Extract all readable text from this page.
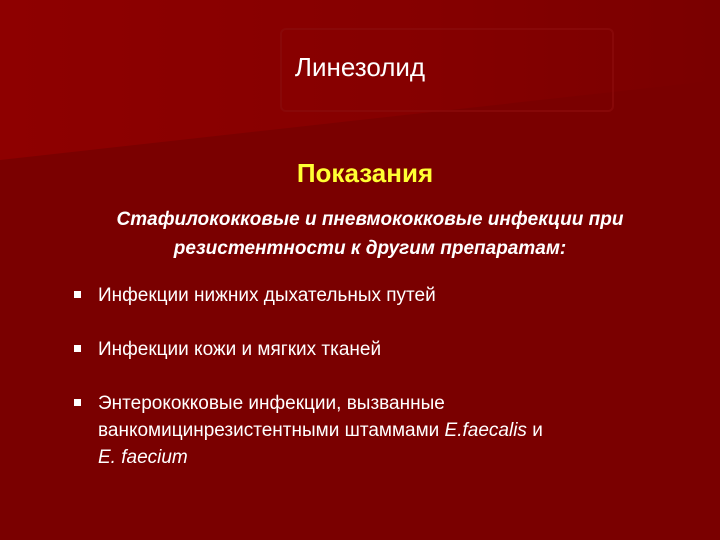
Линезолид
Показания
Стафилококковые и пневмококковые инфекции при резистентности к другим препаратам:
Инфекции нижних дыхательных путей
Инфекции кожи и мягких тканей
Энтерококковые инфекции, вызванные ванкомицинрезистентными штаммами E.faecalis и
E. faecium
